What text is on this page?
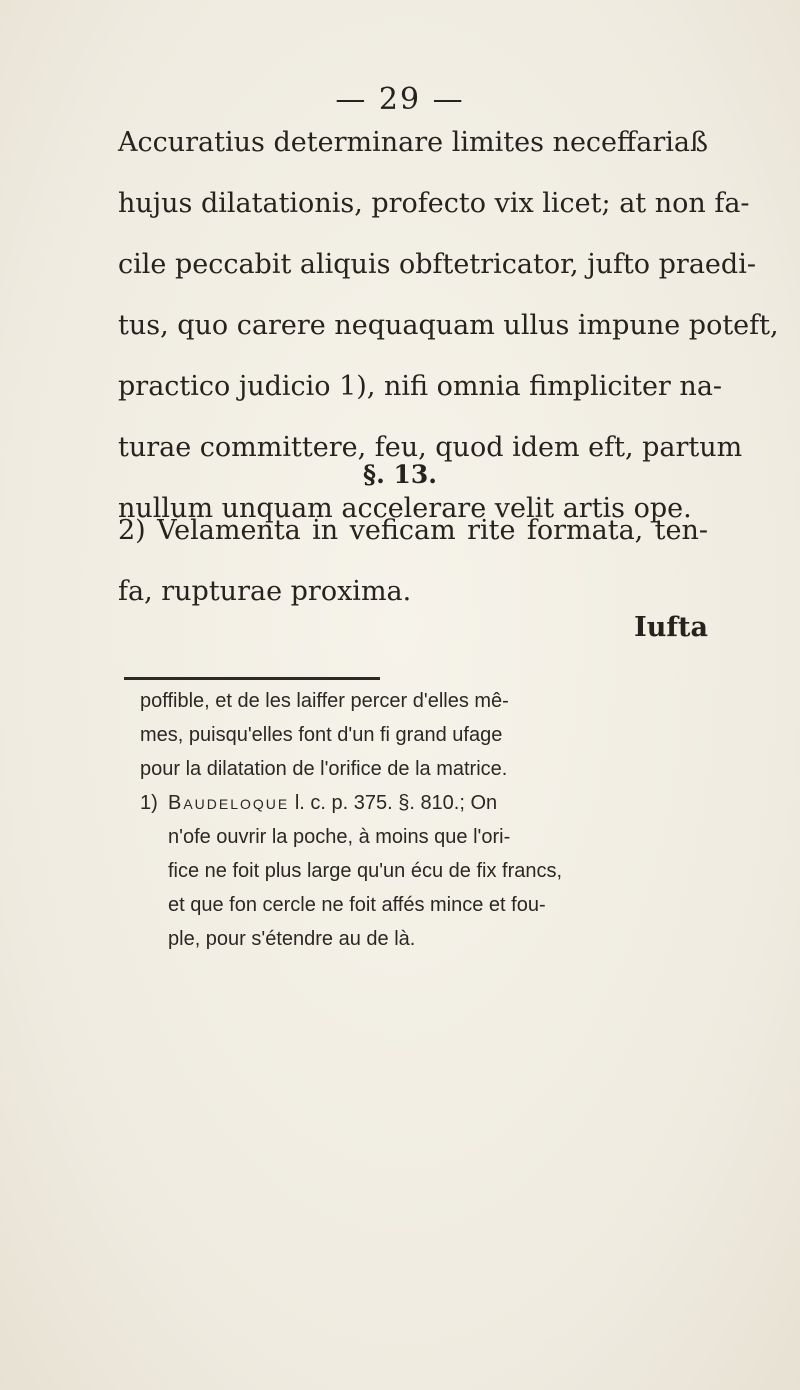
— 29 —
Accuratius determinare limites neceffariaß
hujus dilatationis, profecto vix licet; at non fa-
cile peccabit aliquis obftetricator, jufto praedi-
tus, quo carere nequaquam ullus impune poteft,
practico judicio 1), nifi omnia fimpliciter na-
turae committere, feu, quod idem eft, partum
nullum unquam accelerare velit artis ope.
§. 13.
2) Velamenta in veficam rite formata, ten-
fa, rupturae proxima.
Iufta
poffible, et de les laiffer percer d'elles mê-
mes, puisqu'elles font d'un fi grand ufage
pour la dilatation de l'orifice de la matrice.
1) Baudeloque l. c. p. 375. §. 810.; On
n'ofe ouvrir la poche, à moins que l'ori-
fice ne foit plus large qu'un écu de fix francs,
et que fon cercle ne foit affés mince et fou-
ple, pour s'étendre au de là.
